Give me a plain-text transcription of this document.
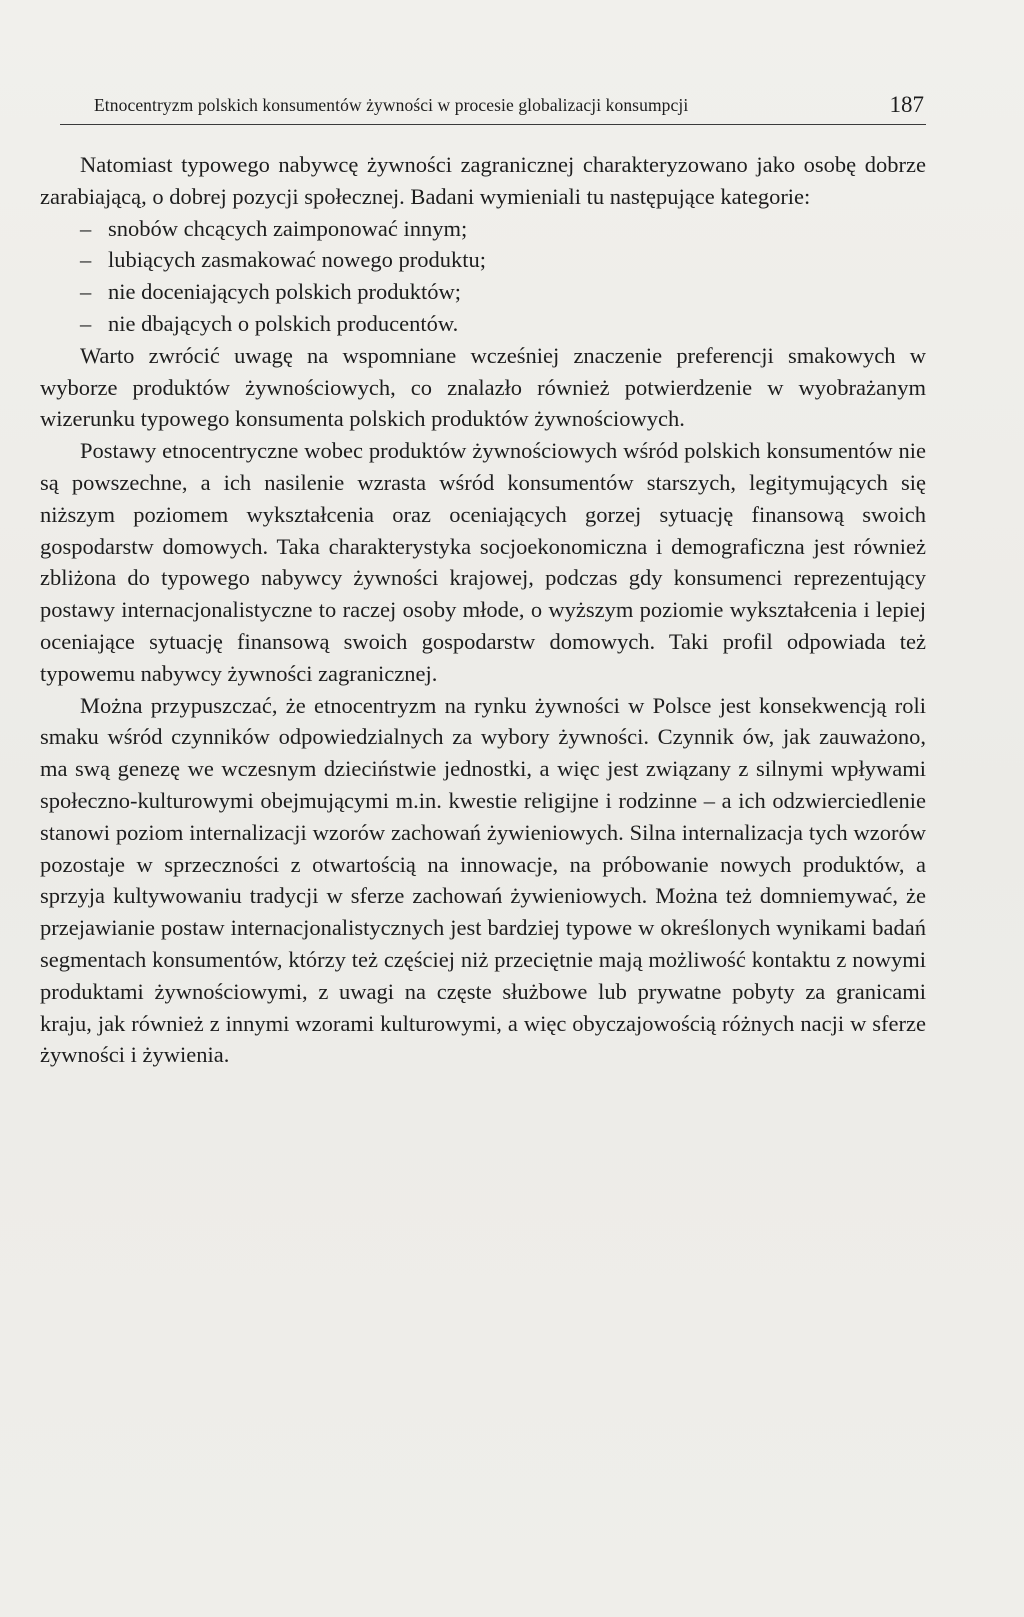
Etnocentryzm polskich konsumentów żywności w procesie globalizacji konsumpcji	187

Natomiast typowego nabywcę żywności zagranicznej charakteryzowano jako osobę dobrze zarabiającą, o dobrej pozycji społecznej. Badani wymieniali tu następujące kategorie:

– snobów chcących zaimponować innym;
– lubiących zasmakować nowego produktu;
– nie doceniających polskich produktów;
– nie dbających o polskich producentów.

Warto zwrócić uwagę na wspomniane wcześniej znaczenie preferencji smakowych w wyborze produktów żywnościowych, co znalazło również potwierdzenie w wyobrażanym wizerunku typowego konsumenta polskich produktów żywnościowych.

Postawy etnocentryczne wobec produktów żywnościowych wśród polskich konsumentów nie są powszechne, a ich nasilenie wzrasta wśród konsumentów starszych, legitymujących się niższym poziomem wykształcenia oraz oceniających gorzej sytuację finansową swoich gospodarstw domowych. Taka charakterystyka socjoekonomiczna i demograficzna jest również zbliżona do typowego nabywcy żywności krajowej, podczas gdy konsumenci reprezentujący postawy internacjonalistyczne to raczej osoby młode, o wyższym poziomie wykształcenia i lepiej oceniające sytuację finansową swoich gospodarstw domowych. Taki profil odpowiada też typowemu nabywcy żywności zagranicznej.

Można przypuszczać, że etnocentryzm na rynku żywności w Polsce jest konsekwencją roli smaku wśród czynników odpowiedzialnych za wybory żywności. Czynnik ów, jak zauważono, ma swą genezę we wczesnym dzieciństwie jednostki, a więc jest związany z silnymi wpływami społeczno-kulturowymi obejmującymi m.in. kwestie religijne i rodzinne – a ich odzwierciedlenie stanowi poziom internalizacji wzorów zachowań żywieniowych. Silna internalizacja tych wzorów pozostaje w sprzeczności z otwartością na innowacje, na próbowanie nowych produktów, a sprzyja kultywowaniu tradycji w sferze zachowań żywieniowych. Można też domniemywać, że przejawianie postaw internacjonalistycznych jest bardziej typowe w określonych wynikami badań segmentach konsumentów, którzy też częściej niż przeciętnie mają możliwość kontaktu z nowymi produktami żywnościowymi, z uwagi na częste służbowe lub prywatne pobyty za granicami kraju, jak również z innymi wzorami kulturowymi, a więc obyczajowością różnych nacji w sferze żywności i żywienia.
